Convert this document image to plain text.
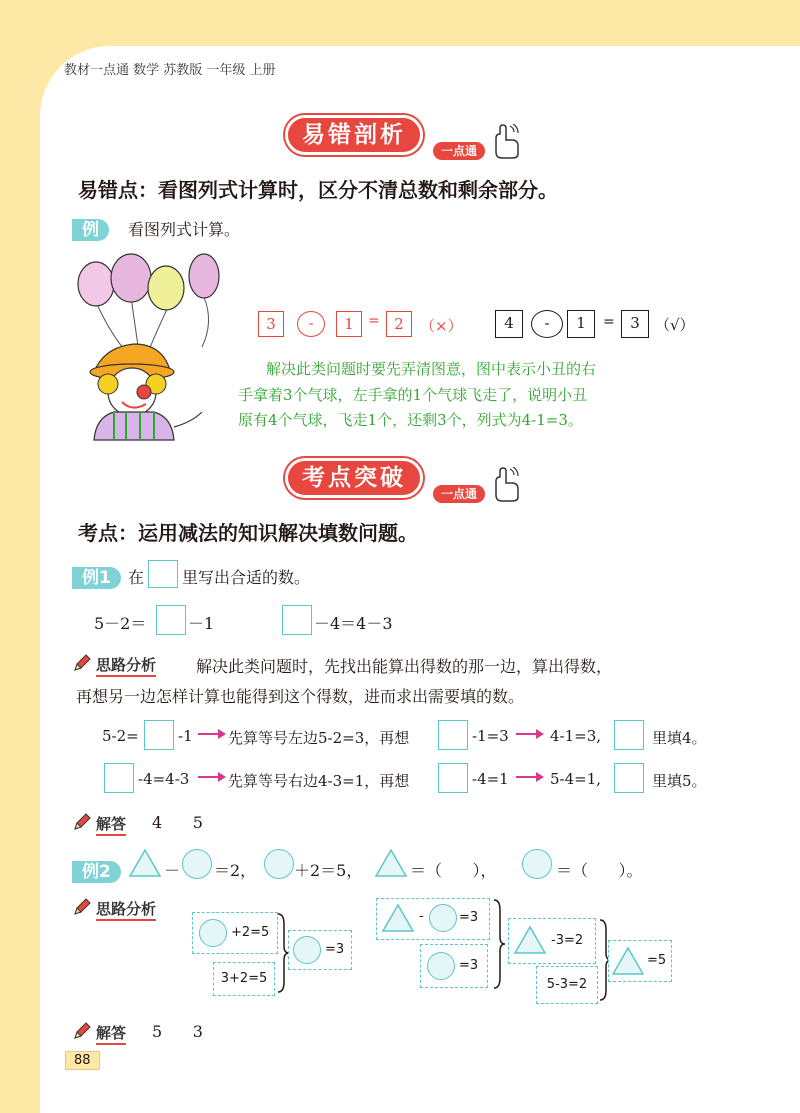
教材一点通 数学 苏教版 一年级 上册
易错剖析
一点通
易错点：看图列式计算时，区分不清总数和剩余部分。
例	看图列式计算。
3	-	1	= 2	（×）	4	-	1	=	3	（√）
解决此类问题时要先弄清图意，图中表示小丑的右
手拿着3个气球，左手拿的1个气球飞走了，说明小丑
原有4个气球，飞走1个，还剩3个，列式为4-1=3。
考点突破
一点通
考点：运用减法的知识解决填数问题。
例1	在 里写出合适的数。
5－2＝	－1	－4＝4－3
思路分析 解决此类问题时，先找出能算出得数的那一边，算出得数，
再想另一边怎样计算也能得到这个得数，进而求出需要填的数。
5-2=	-1 先算等号左边5-2=3，再想	-1=3	4-1=3,	里填4。
-4=4-3	先算等号右边4-3=1，再想	-4=1	5-4=1,	里填5。
解答 4      5
例2	－ ＝2， ＋2＝5，	＝（      ），	＝（      ）。
思路分析
+2=5
3+2=5
=3
-	=3
=3
-3=2
5-3=2
=5
解答 5      3
88
